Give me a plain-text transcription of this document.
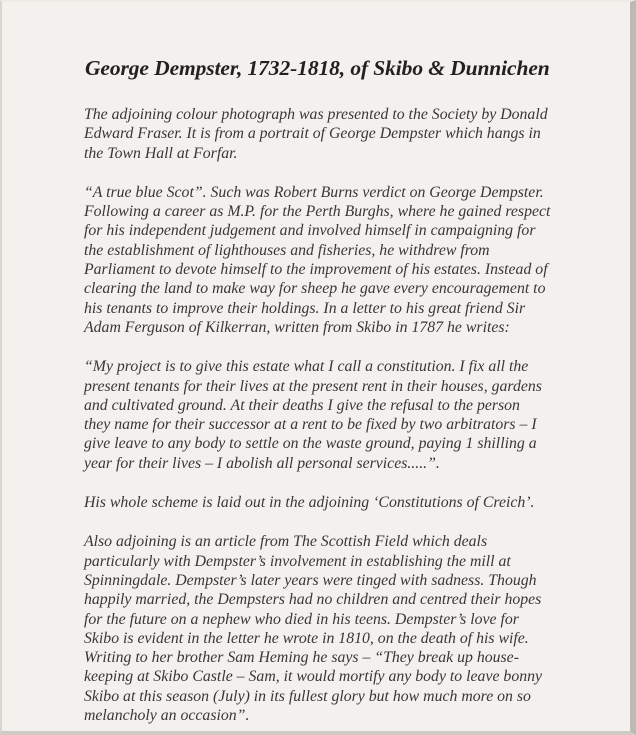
George Dempster, 1732-1818, of Skibo & Dunnichen

The adjoining colour photograph was presented to the Society by Donald
Edward Fraser. It is from a portrait of George Dempster which hangs in
the Town Hall at Forfar.

“A true blue Scot”. Such was Robert Burns verdict on George Dempster.
Following a career as M.P. for the Perth Burghs, where he gained respect
for his independent judgement and involved himself in campaigning for
the establishment of lighthouses and fisheries, he withdrew from
Parliament to devote himself to the improvement of his estates. Instead of
clearing the land to make way for sheep he gave every encouragement to
his tenants to improve their holdings. In a letter to his great friend Sir
Adam Ferguson of Kilkerran, written from Skibo in 1787 he writes:

“My project is to give this estate what I call a constitution. I fix all the
present tenants for their lives at the present rent in their houses, gardens
and cultivated ground. At their deaths I give the refusal to the person
they name for their successor at a rent to be fixed by two arbitrators – I
give leave to any body to settle on the waste ground, paying 1 shilling a
year for their lives – I abolish all personal services.....”.

His whole scheme is laid out in the adjoining ‘Constitutions of Creich’.

Also adjoining is an article from The Scottish Field which deals
particularly with Dempster’s involvement in establishing the mill at
Spinningdale. Dempster’s later years were tinged with sadness. Though
happily married, the Dempsters had no children and centred their hopes
for the future on a nephew who died in his teens. Dempster’s love for
Skibo is evident in the letter he wrote in 1810, on the death of his wife.
Writing to her brother Sam Heming he says – “They break up house-
keeping at Skibo Castle – Sam, it would mortify any body to leave bonny
Skibo at this season (July) in its fullest glory but how much more on so
melancholy an occasion”.
